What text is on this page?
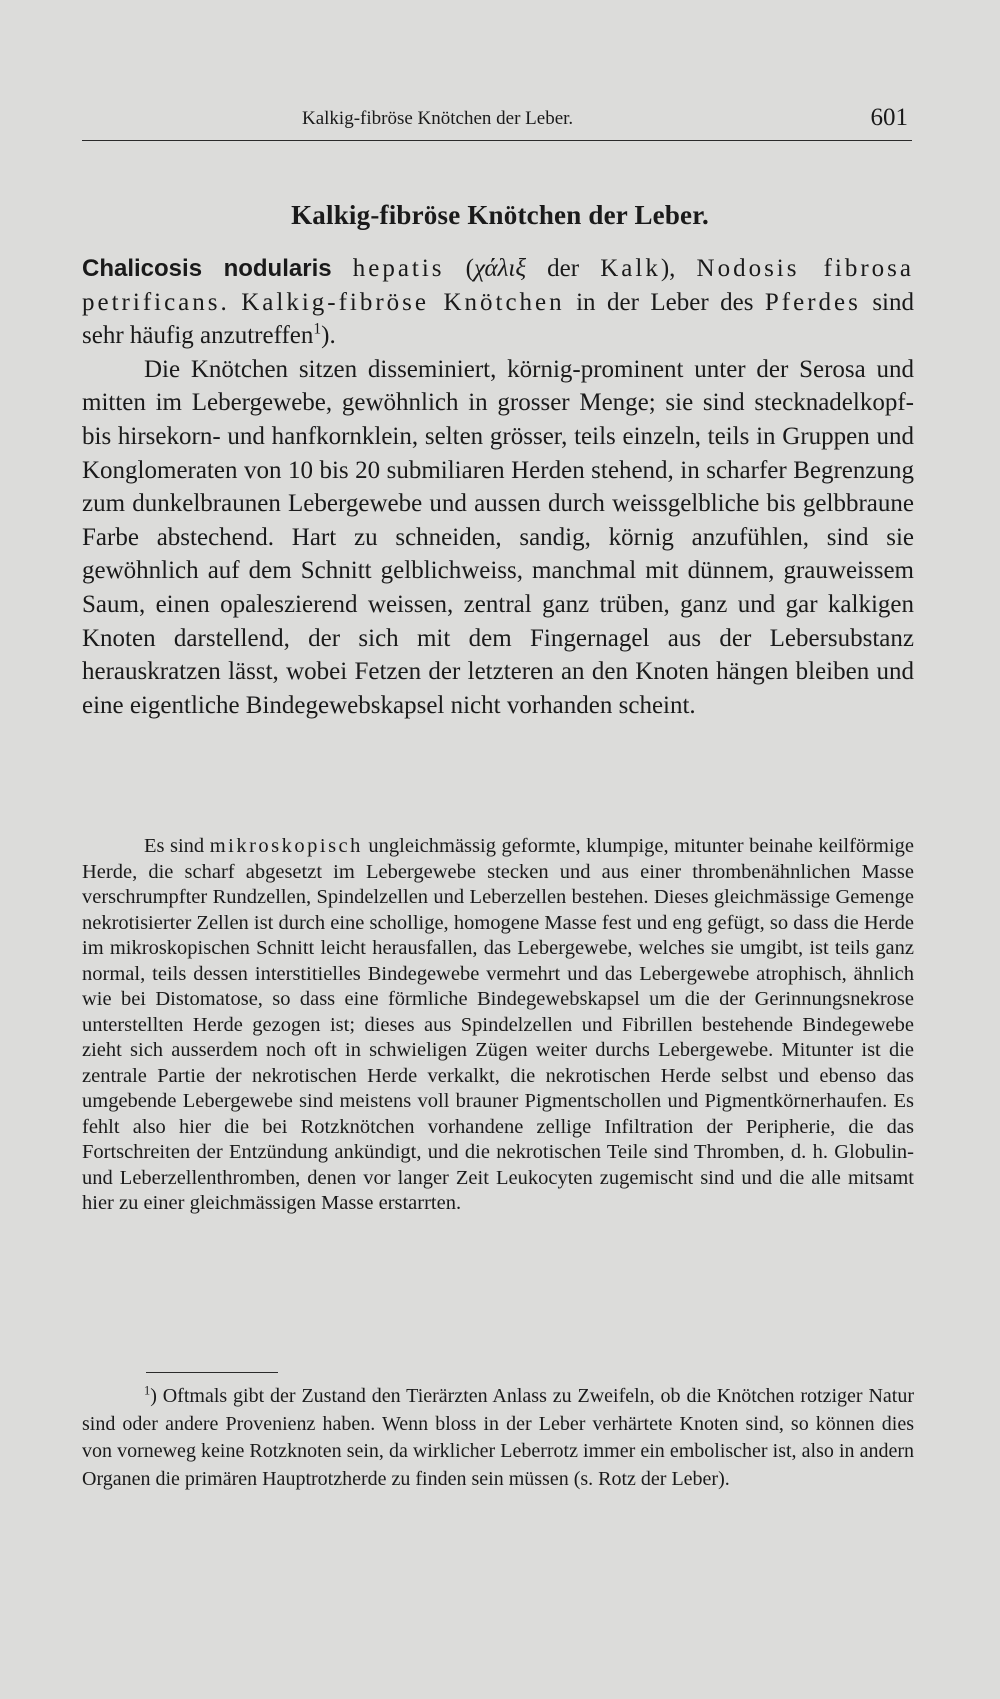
Kalkig-fibröse Knötchen der Leber.	601
Kalkig-fibröse Knötchen der Leber.

Chalicosis nodularis hepatis (χάλιξ der Kalk), Nodosis fibrosa petrificans. Kalkig-fibröse Knötchen in der Leber des Pferdes sind sehr häufig anzutreffen$^1$).

Die Knötchen sitzen disseminiert, körnig-prominent unter der Serosa und mitten im Lebergewebe, gewöhnlich in grosser Menge; sie sind stecknadelkopf- bis hirsekorn- und hanfkornklein, selten grösser, teils einzeln, teils in Gruppen und Konglomeraten von 10 bis 20 submiliaren Herden stehend, in scharfer Begrenzung zum dunkelbraunen Lebergewebe und aussen durch weissgelbliche bis gelbbraune Farbe abstechend. Hart zu schneiden, sandig, körnig anzufühlen, sind sie gewöhnlich auf dem Schnitt gelblichweiss, manchmal mit dünnem, grauweissem Saum, einen opaleszierend weissen, zentral ganz trüben, ganz und gar kalkigen Knoten darstellend, der sich mit dem Fingernagel aus der Lebersubstanz herauskratzen lässt, wobei Fetzen der letzteren an den Knoten hängen bleiben und eine eigentliche Bindegewebskapsel nicht vorhanden scheint.

Es sind mikroskopisch ungleichmässig geformte, klumpige, mitunter beinahe keilförmige Herde, die scharf abgesetzt im Lebergewebe stecken und aus einer thrombenähnlichen Masse verschrumpfter Rundzellen, Spindelzellen und Leberzellen bestehen. Dieses gleichmässige Gemenge nekrotisierter Zellen ist durch eine schollige, homogene Masse fest und eng gefügt, so dass die Herde im mikroskopischen Schnitt leicht herausfallen, das Lebergewebe, welches sie umgibt, ist teils ganz normal, teils dessen interstitielles Bindegewebe vermehrt und das Lebergewebe atrophisch, ähnlich wie bei Distomatose, so dass eine förmliche Bindegewebskapsel um die der Gerinnungsnekrose unterstellten Herde gezogen ist; dieses aus Spindelzellen und Fibrillen bestehende Bindegewebe zieht sich ausserdem noch oft in schwieligen Zügen weiter durchs Lebergewebe. Mitunter ist die zentrale Partie der nekrotischen Herde verkalkt, die nekrotischen Herde selbst und ebenso das umgebende Lebergewebe sind meistens voll brauner Pigmentschollen und Pigmentkörnerhaufen. Es fehlt also hier die bei Rotzknötchen vorhandene zellige Infiltration der Peripherie, die das Fortschreiten der Entzündung ankündigt, und die nekrotischen Teile sind Thromben, d. h. Globulin- und Leberzellenthromben, denen vor langer Zeit Leukocyten zugemischt sind und die alle mitsamt hier zu einer gleichmässigen Masse erstarrten.

$^1$) Oftmals gibt der Zustand den Tierärzten Anlass zu Zweifeln, ob die Knötchen rotziger Natur sind oder andere Provenienz haben. Wenn bloss in der Leber verhärtete Knoten sind, so können dies von vorneweg keine Rotzknoten sein, da wirklicher Leberrotz immer ein embolischer ist, also in andern Organen die primären Hauptrotzherde zu finden sein müssen (s. Rotz der Leber).
